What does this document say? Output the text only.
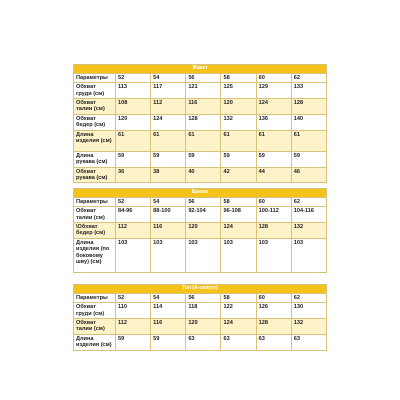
Жакет						
Параметры	52	54	56	58	60	62
Обхват груди (см)	113	117	121	125	129	133
Обхват талии (см)	108	112	116	120	124	128
Обхват бедер (см)	120	124	128	132	136	140
Длина изделия (см)	61	61	61	61	61	61
Длина рукава (см)	59	59	59	59	59	59
Обхват рукава (см)	36	38	40	42	44	46
Брюки						
Параметры	52	54	56	58	60	62
Обхват талии (см)	84-96	88-100	92-104	96-108	100-112	104-116
\Обхват бедер (см)	112	116	120	124	128	132
Длина изделия (по боковому шву) (см)	103	103	103	103	103	103
Топ (А-силуэт)						
Параметры	52	54	56	58	60	62
Обхват груди (см)	110	114	118	122	126	130
Обхват талии (см)	112	116	120	124	128	132
Длина изделия (см)	59	59	63	63	63	63
